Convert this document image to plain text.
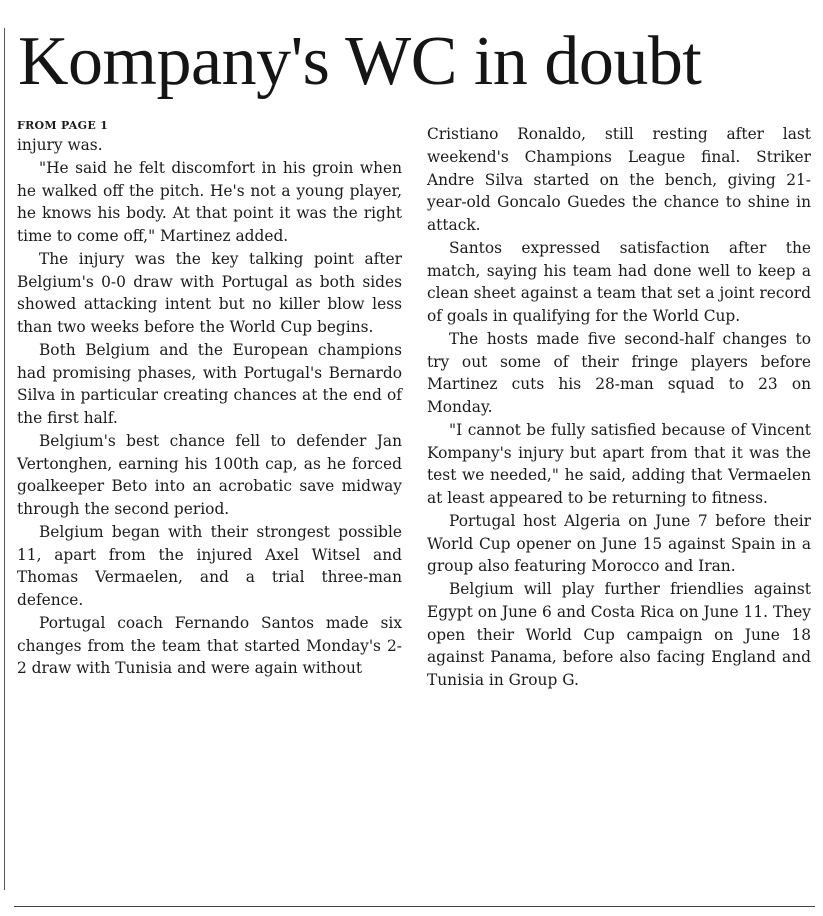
Kompany's WC in doubt

FROM PAGE 1

injury was.

"He said he felt discomfort in his groin when he walked off the pitch. He's not a young player, he knows his body. At that point it was the right time to come off," Martinez added.

The injury was the key talking point after Belgium's 0-0 draw with Portugal as both sides showed attacking intent but no killer blow less than two weeks before the World Cup begins.

Both Belgium and the European champions had promising phases, with Portugal's Bernardo Silva in particular creating chances at the end of the first half.

Belgium's best chance fell to defender Jan Vertonghen, earning his 100th cap, as he forced goalkeeper Beto into an acrobatic save midway through the second period.

Belgium began with their strongest possible 11, apart from the injured Axel Witsel and Thomas Vermaelen, and a trial three-man defence.

Portugal coach Fernando Santos made six changes from the team that started Monday's 2-2 draw with Tunisia and were again without

Cristiano Ronaldo, still resting after last weekend's Champions League final. Striker Andre Silva started on the bench, giving 21-year-old Goncalo Guedes the chance to shine in attack.

Santos expressed satisfaction after the match, saying his team had done well to keep a clean sheet against a team that set a joint record of goals in qualifying for the World Cup.

The hosts made five second-half changes to try out some of their fringe players before Martinez cuts his 28-man squad to 23 on Monday.

"I cannot be fully satisfied because of Vincent Kompany's injury but apart from that it was the test we needed," he said, adding that Vermaelen at least appeared to be returning to fitness.

Portugal host Algeria on June 7 before their World Cup opener on June 15 against Spain in a group also featuring Morocco and Iran.

Belgium will play further friendlies against Egypt on June 6 and Costa Rica on June 11. They open their World Cup campaign on June 18 against Panama, before also facing England and Tunisia in Group G.
